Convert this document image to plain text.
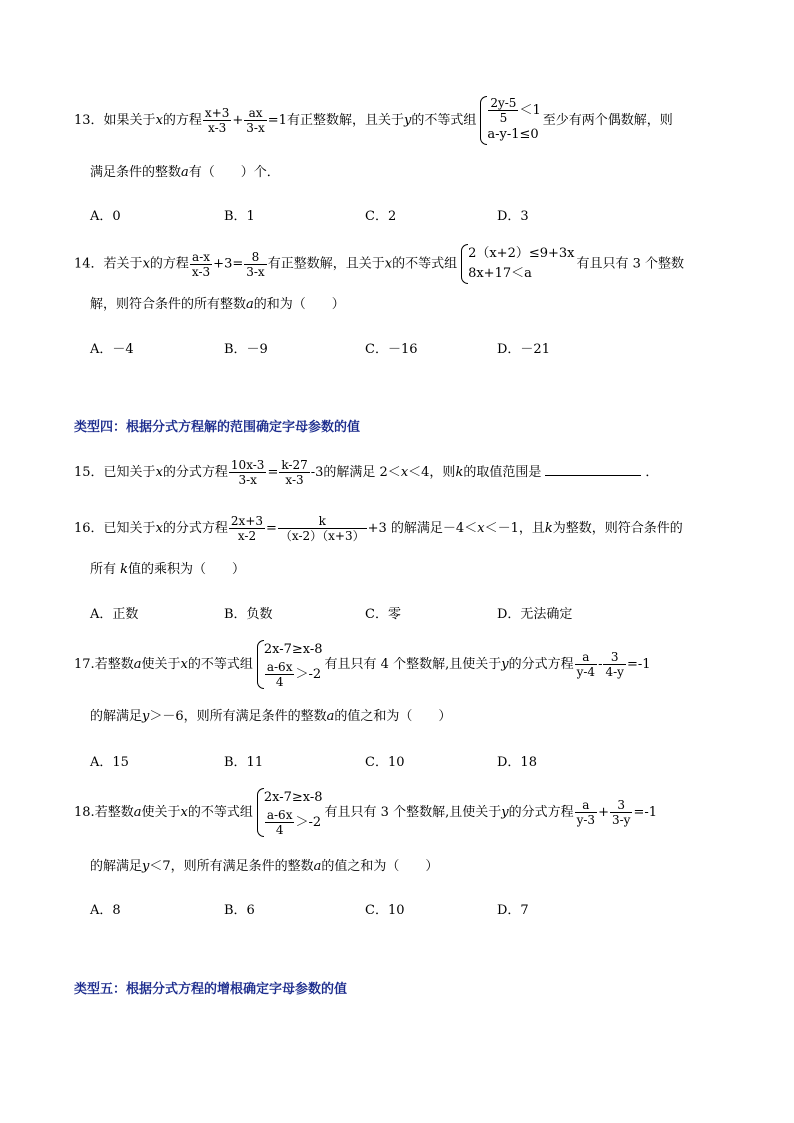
13．如果关于x的方程 $\frac{x+3}{x-3} + \frac{ax}{3-x} =1$有正整数解，且关于y的不等式组 $\frac{2y-5}{5} <1$
a-y-1≤0
至少有两个偶数解，则
满足条件的整数a有（　　）个．
A．0	B．1	C．2	D．3
14．若关于x的方程 $\frac{a-x}{x-3} +3= \frac{8}{3-x}$ 有正整数解，且关于x的不等式组
2（x+2）≤9+3x
8x+17＜a
有且只有 3 个整数
解，则符合条件的所有整数a的和为（　　）
A．－4	B．－9	C．－16	D．－21
类型四：根据分式方程解的范围确定字母参数的值
15．已知关于x的分式方程 $\frac{10x-3}{3-x} = \frac{k-27}{x-3} -3$的解满足 2＜x＜4，则k的取值范围是	．
16．已知关于x的分式方程 $\frac{2x+3}{x-2} = \frac{k}{(x-2)(x+3)} +3$ 的解满足－4＜x＜－1，且k为整数，则符合条件的
所有 k值的乘积为（　　）
A．正数	B．负数	C．零	D．无法确定
17.若整数a使关于x的不等式组
2x-7≥x-8
$\frac{a-6x}{4} >-2$
有且只有 4 个整数解,且使关于y的分式方程 $\frac{a}{y-4} - \frac{3}{4-y} =-1$
的解满足y＞－6，则所有满足条件的整数a的值之和为（　　）
A．15	B．11	C．10	D．18
18.若整数a使关于x的不等式组
2x-7≥x-8
$\frac{a-6x}{4} >-2$
有且只有 3 个整数解,且使关于y的分式方程 $\frac{a}{y-3} + \frac{3}{3-y} =-1$
的解满足y＜7，则所有满足条件的整数a的值之和为（　　）
A．8	B．6	C．10	D．7
类型五：根据分式方程的增根确定字母参数的值
